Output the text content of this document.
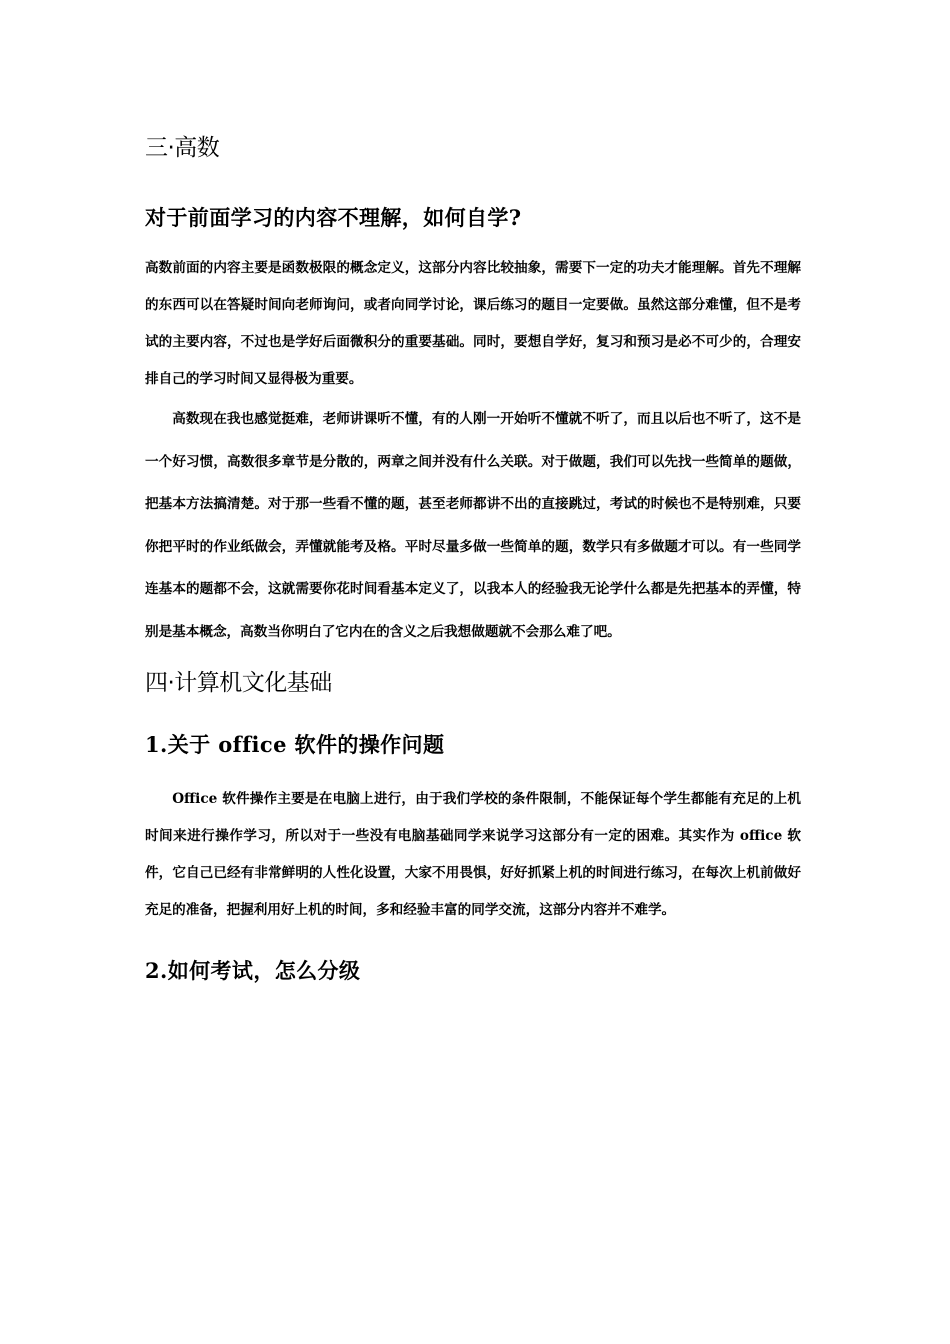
三·高数
对于前面学习的内容不理解，如何自学?

高数前面的内容主要是函数极限的概念定义，这部分内容比较抽象，需要下一定的功夫才能理解。首先不理解的东西可以在答疑时间向老师询问，或者向同学讨论，课后练习的题目一定要做。虽然这部分难懂，但不是考试的主要内容，不过也是学好后面微积分的重要基础。同时，要想自学好，复习和预习是必不可少的，合理安排自己的学习时间又显得极为重要。

高数现在我也感觉挺难，老师讲课听不懂，有的人刚一开始听不懂就不听了，而且以后也不听了，这不是一个好习惯，高数很多章节是分散的，两章之间并没有什么关联。对于做题，我们可以先找一些简单的题做，把基本方法搞清楚。对于那一些看不懂的题，甚至老师都讲不出的直接跳过，考试的时候也不是特别难，只要你把平时的作业纸做会，弄懂就能考及格。平时尽量多做一些简单的题，数学只有多做题才可以。有一些同学连基本的题都不会，这就需要你花时间看基本定义了，以我本人的经验我无论学什么都是先把基本的弄懂，特别是基本概念，高数当你明白了它内在的含义之后我想做题就不会那么难了吧。

四·计算机文化基础
1.关于 office 软件的操作问题

Office 软件操作主要是在电脑上进行，由于我们学校的条件限制，不能保证每个学生都能有充足的上机时间来进行操作学习，所以对于一些没有电脑基础同学来说学习这部分有一定的困难。其实作为 office 软件，它自己已经有非常鲜明的人性化设置，大家不用畏惧，好好抓紧上机的时间进行练习，在每次上机前做好充足的准备，把握利用好上机的时间，多和经验丰富的同学交流，这部分内容并不难学。

2.如何考试，怎么分级
